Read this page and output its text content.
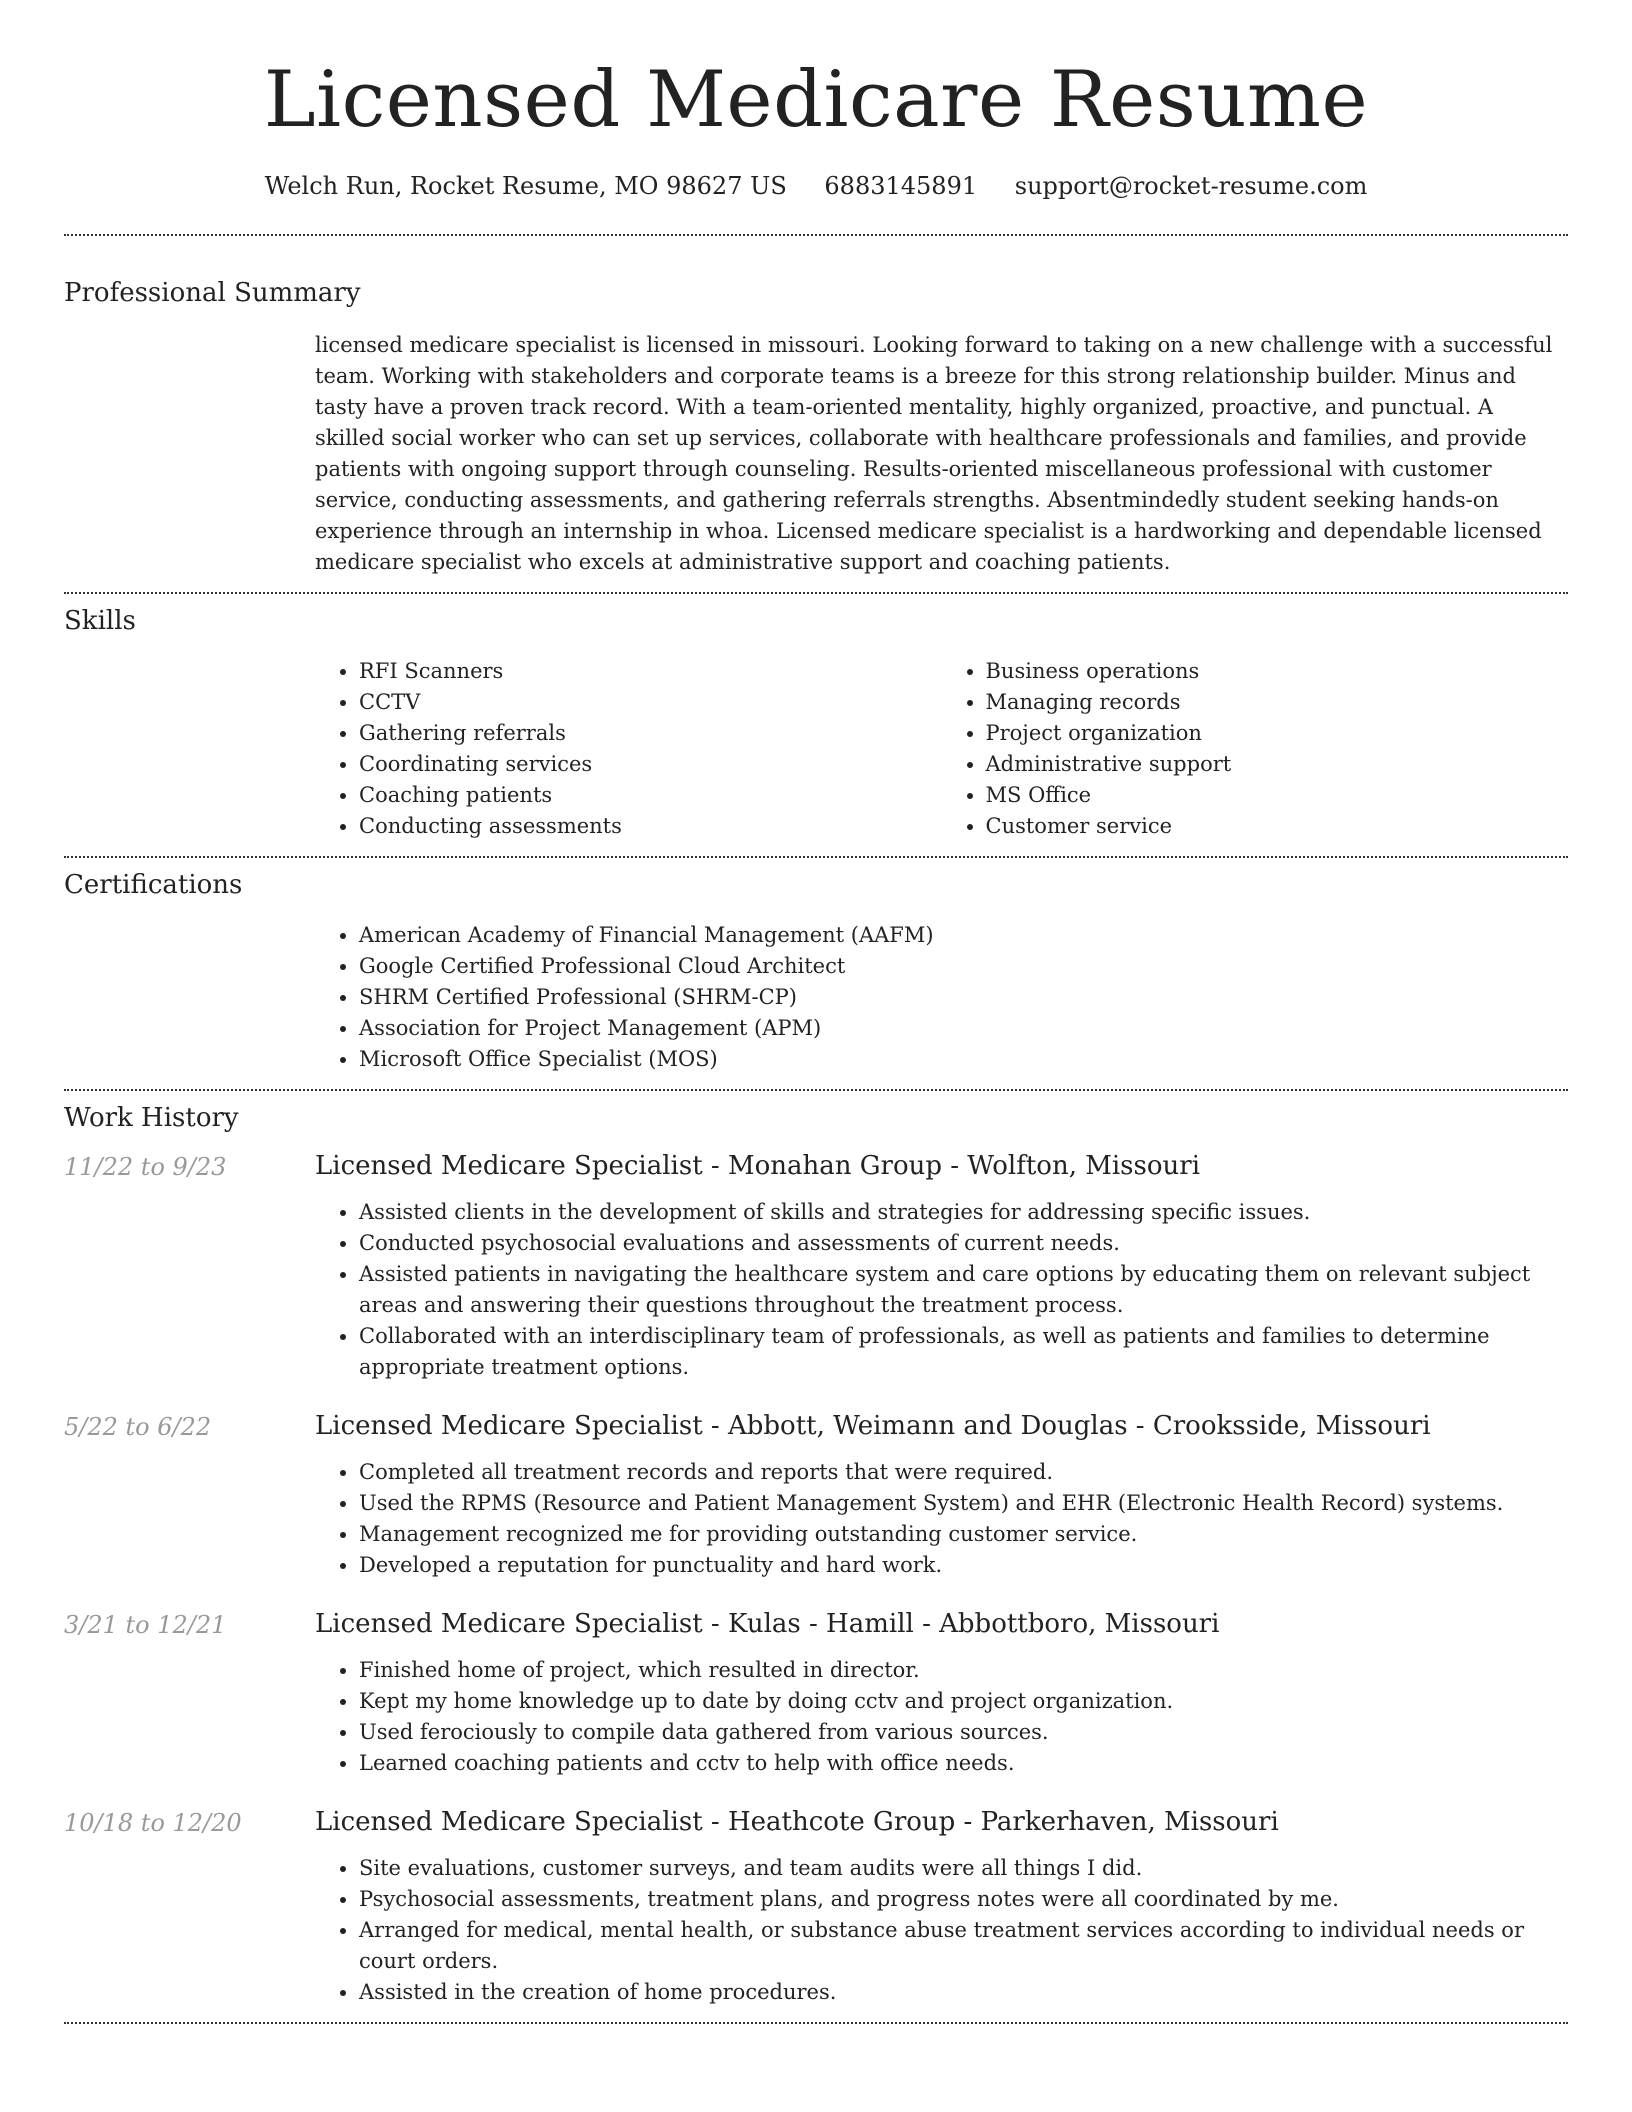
Licensed Medicare Resume
Welch Run, Rocket Resume, MO 98627 US 6883145891 support@rocket-resume.com
Professional Summary
licensed medicare specialist is licensed in missouri. Looking forward to taking on a new challenge with a successful team. Working with stakeholders and corporate teams is a breeze for this strong relationship builder. Minus and tasty have a proven track record. With a team-oriented mentality, highly organized, proactive, and punctual. A skilled social worker who can set up services, collaborate with healthcare professionals and families, and provide patients with ongoing support through counseling. Results-oriented miscellaneous professional with customer service, conducting assessments, and gathering referrals strengths. Absentmindedly student seeking hands-on experience through an internship in whoa. Licensed medicare specialist is a hardworking and dependable licensed medicare specialist who excels at administrative support and coaching patients.
Skills
• RFI Scanners
• CCTV
• Gathering referrals
• Coordinating services
• Coaching patients
• Conducting assessments
• Business operations
• Managing records
• Project organization
• Administrative support
• MS Office
• Customer service
Certifications
• American Academy of Financial Management (AAFM)
• Google Certified Professional Cloud Architect
• SHRM Certified Professional (SHRM-CP)
• Association for Project Management (APM)
• Microsoft Office Specialist (MOS)
Work History
11/22 to 9/23	Licensed Medicare Specialist - Monahan Group - Wolfton, Missouri
• Assisted clients in the development of skills and strategies for addressing specific issues.
• Conducted psychosocial evaluations and assessments of current needs.
• Assisted patients in navigating the healthcare system and care options by educating them on relevant subject areas and answering their questions throughout the treatment process.
• Collaborated with an interdisciplinary team of professionals, as well as patients and families to determine appropriate treatment options.
5/22 to 6/22	Licensed Medicare Specialist - Abbott, Weimann and Douglas - Crooksside, Missouri
• Completed all treatment records and reports that were required.
• Used the RPMS (Resource and Patient Management System) and EHR (Electronic Health Record) systems.
• Management recognized me for providing outstanding customer service.
• Developed a reputation for punctuality and hard work.
3/21 to 12/21	Licensed Medicare Specialist - Kulas - Hamill - Abbottboro, Missouri
• Finished home of project, which resulted in director.
• Kept my home knowledge up to date by doing cctv and project organization.
• Used ferociously to compile data gathered from various sources.
• Learned coaching patients and cctv to help with office needs.
10/18 to 12/20	Licensed Medicare Specialist - Heathcote Group - Parkerhaven, Missouri
• Site evaluations, customer surveys, and team audits were all things I did.
• Psychosocial assessments, treatment plans, and progress notes were all coordinated by me.
• Arranged for medical, mental health, or substance abuse treatment services according to individual needs or court orders.
• Assisted in the creation of home procedures.
